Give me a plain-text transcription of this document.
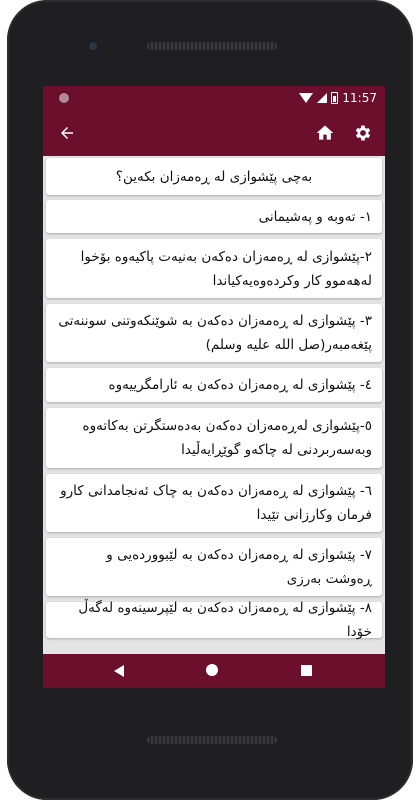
11:57
بەچی پێشوازی لە ڕەمەزان بکەین؟
١- تەوبە و پەشیمانی
٢-پێشوازی لە ڕەمەزان دەکەن بەنیەت پاکیەوە بۆخوا لەهەموو کار وکردەوەیەکیاندا
٣- پێشوازی لە ڕەمەزان دەکەن بە شوێنکەوتنی سوننەتی پێغەمبەر(صل الله علیه وسلم)
٤- پێشوازی لە ڕەمەزان دەکەن بە ئارامگرییەوە
٥-پێشوازی لەڕەمەزان دەکەن بەدەستگرتن بەکاتەوە وبەسەربردنی لە چاکەو گوێڕایەڵیدا
٦- پێشوازی لە ڕەمەزان دەکەن بە چاک ئەنجامدانی کارو فرمان وکارزانی تێیدا
٧- پێشوازی لە ڕەمەزان دەکەن بە لێبووردەیی و ڕەوشت بەرزی
٨- پێشوازی لە ڕەمەزان دەکەن بە لێپرسینەوە لەگەڵ خۆدا
